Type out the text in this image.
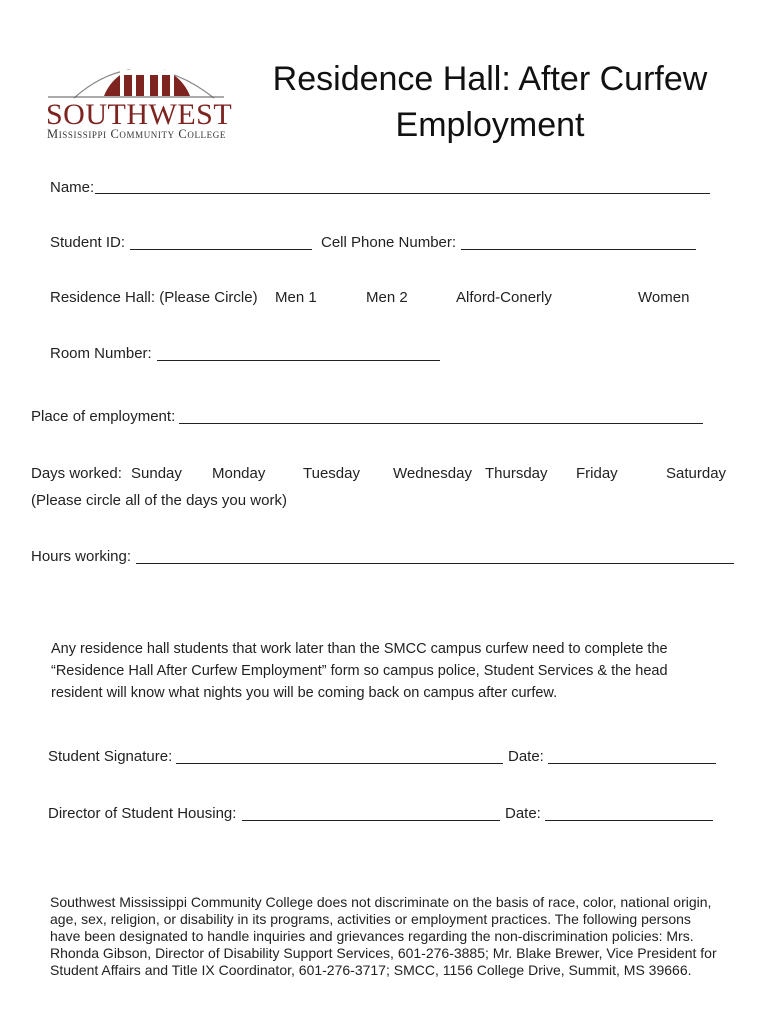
SOUTHWEST
Mississippi Community College
Residence Hall: After Curfew Employment
Name:
Student ID:	Cell Phone Number:
Residence Hall: (Please Circle) Men 1	Men 2	Alford-Conerly	Women
Room Number:
Place of employment:
Days worked: Sunday Monday	Tuesday Wednesday Thursday Friday	Saturday
(Please circle all of the days you work)
Hours working:
Any residence hall students that work later than the SMCC campus curfew need to complete the “Residence Hall After Curfew Employment” form so campus police, Student Services & the head resident will know what nights you will be coming back on campus after curfew.
Student Signature:	Date:
Director of Student Housing:	Date:
Southwest Mississippi Community College does not discriminate on the basis of race, color, national origin, age, sex, religion, or disability in its programs, activities or employment practices. The following persons have been designated to handle inquiries and grievances regarding the non-discrimination policies: Mrs. Rhonda Gibson, Director of Disability Support Services, 601-276-3885; Mr. Blake Brewer, Vice President for Student Affairs and Title IX Coordinator, 601-276-3717; SMCC, 1156 College Drive, Summit, MS 39666.
